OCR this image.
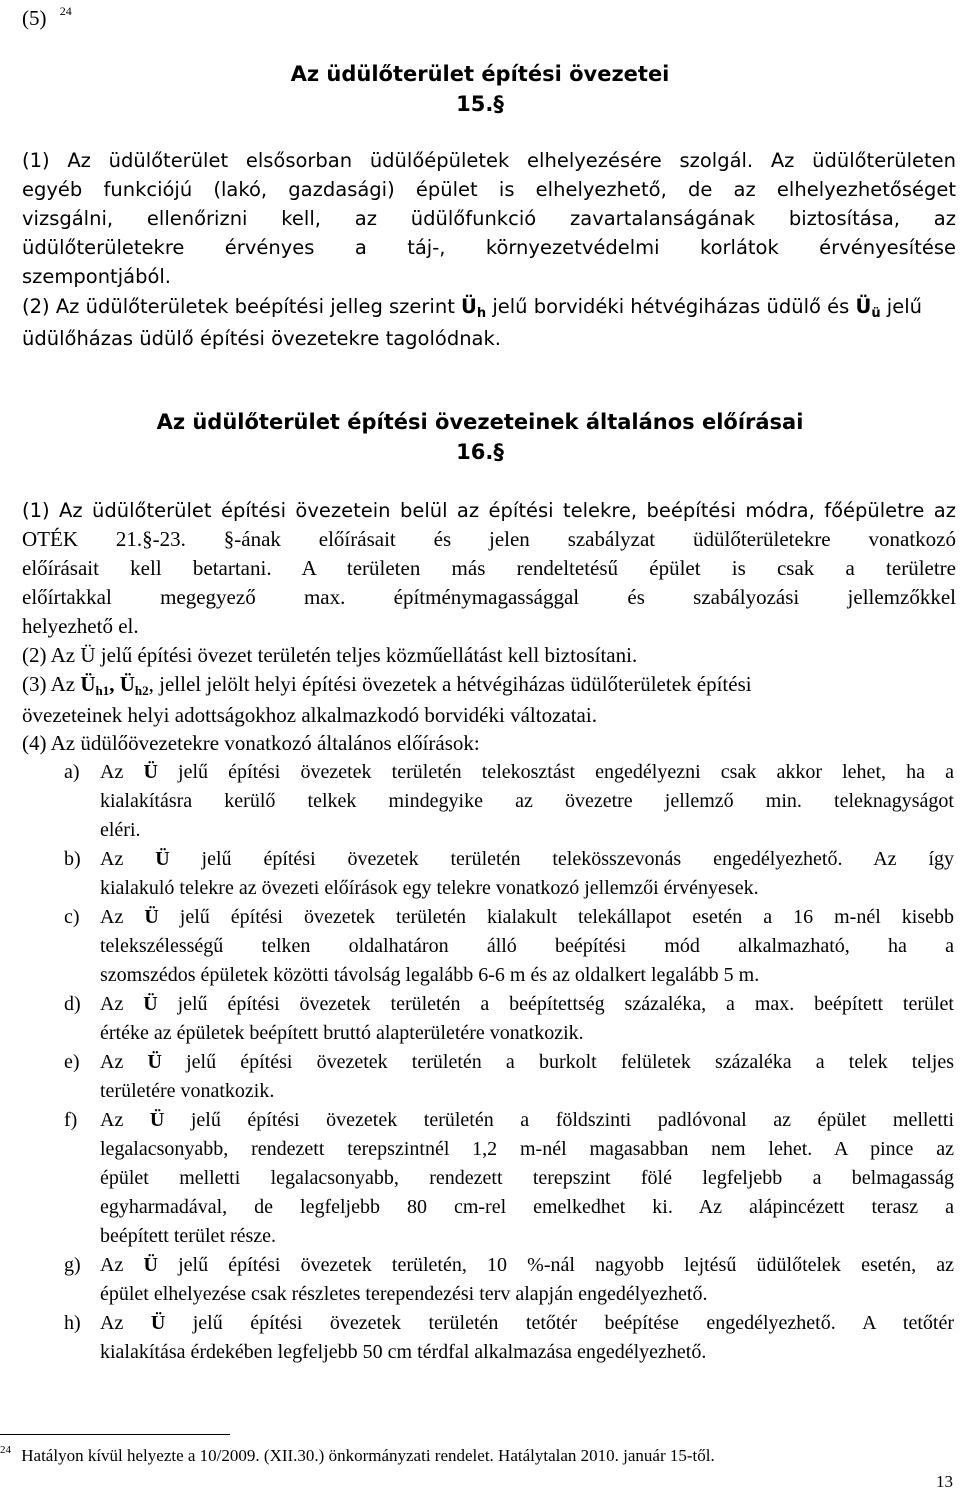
(5) $^{24}$
Az üdülőterület építési övezetei
15.§
(1) Az üdülőterület elsősorban üdülőépületek elhelyezésére szolgál. Az üdülőterületen
egyéb funkciójú (lakó, gazdasági) épület is elhelyezhető, de az elhelyezhetőséget
vizsgálni, ellenőrizni kell, az üdülőfunkció zavartalanságának biztosítása, az
üdülőterületekre érvényes a táj-, környezetvédelmi korlátok érvényesítése
szempontjából.
(2) Az üdülőterületek beépítési jelleg szerint $Ü_h$ jelű borvidéki hétvégiházas üdülő és $Ü_ü$ jelű
üdülőházas üdülő építési övezetekre tagolódnak.
Az üdülőterület építési övezeteinek általános előírásai
16.§
(1) Az üdülőterület építési övezetein belül az építési telekre, beépítési módra, főépületre az
OTÉK 21.§-23. §-ának előírásait és jelen szabályzat üdülőterületekre vonatkozó
előírásait kell betartani. A területen más rendeltetésű épület is csak a területre
előírtakkal megegyező max. építménymagassággal és szabályozási jellemzőkkel
helyezhető el.
(2) Az Ü jelű építési övezet területén teljes közműellátást kell biztosítani.
(3) Az Üh1, Üh2, jellel jelölt helyi építési övezetek a hétvégiházas üdülőterületek építési
övezeteinek helyi adottságokhoz alkalmazkodó borvidéki változatai.
(4) Az üdülőövezetekre vonatkozó általános előírások:
a)	Az Ü jelű építési övezetek területén telekosztást engedélyezni csak akkor lehet, ha a
kialakításra kerülő telkek mindegyike az övezetre jellemző min. teleknagyságot
eléri.
b) Az Ü jelű építési övezetek területén telekösszevonás engedélyezhető. Az így
kialakuló telekre az övezeti előírások egy telekre vonatkozó jellemzői érvényesek.
c)	Az Ü jelű építési övezetek területén kialakult telekállapot esetén a 16 m-nél kisebb
telekszélességű telken oldalhatáron álló beépítési mód alkalmazható, ha a
szomszédos épületek közötti távolság legalább 6-6 m és az oldalkert legalább 5 m.
d) Az Ü jelű építési övezetek területén a beépítettség százaléka, a max. beépített terület
értéke az épületek beépített bruttó alapterületére vonatkozik.
e)	Az Ü jelű építési övezetek területén a burkolt felületek százaléka a telek teljes
területére vonatkozik.
f)	Az Ü jelű építési övezetek területén a földszinti padlóvonal az épület melletti
legalacsonyabb, rendezett terepszintnél 1,2 m-nél magasabban nem lehet. A pince az
épület melletti legalacsonyabb, rendezett terepszint fölé legfeljebb a belmagasság
egyharmadával, de legfeljebb 80 cm-rel emelkedhet ki. Az alápincézett terasz a
beépített terület része.
g) Az Ü jelű építési övezetek területén, 10 %-nál nagyobb lejtésű üdülőtelek esetén, az
épület elhelyezése csak részletes terependezési terv alapján engedélyezhető.
h) Az Ü jelű építési övezetek területén tetőtér beépítése engedélyezhető. A tetőtér
kialakítása érdekében legfeljebb 50 cm térdfal alkalmazása engedélyezhető.
$^{24}$ Hatályon kívül helyezte a 10/2009. (XII.30.) önkormányzati rendelet. Hatálytalan 2010. január 15-től.
13
